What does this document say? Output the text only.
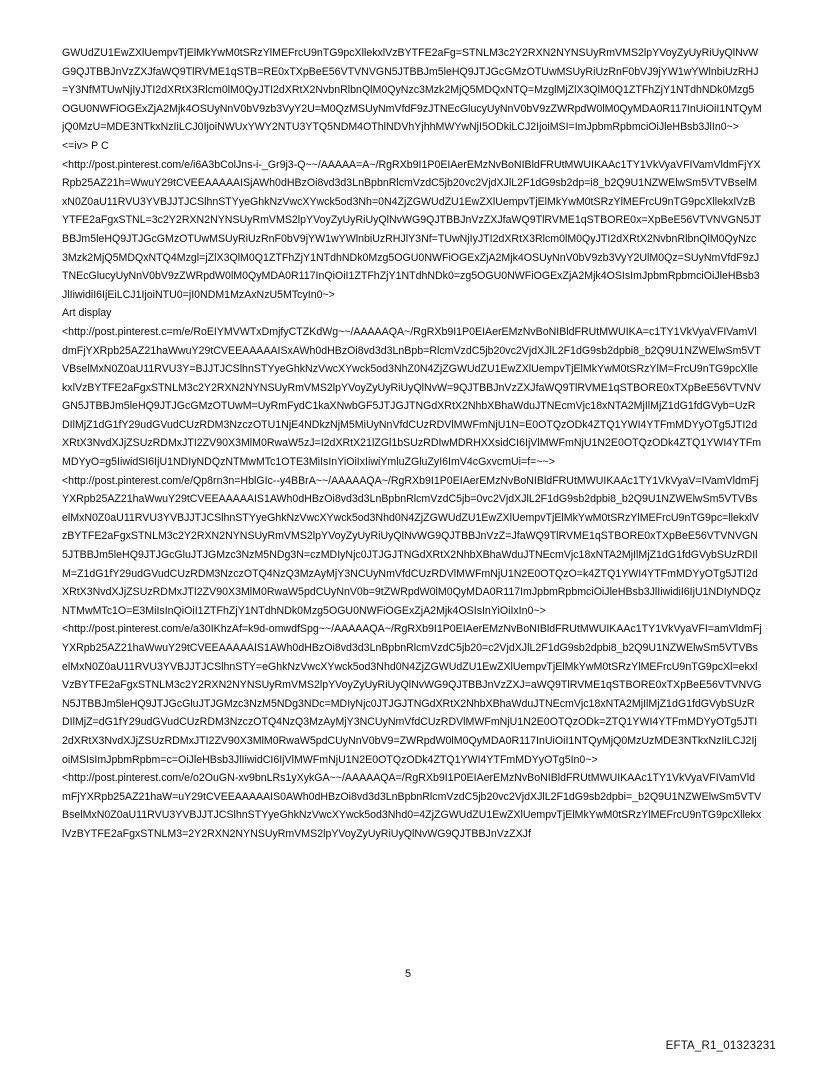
GWUdZU1EwZXlUempvTjElMkYwM0tSRzYlMEFrcU9nTG9pcXllekxlVzBYTFE2aFg=STNLM3c2Y2RXN2NYNSUyRmVMS2lpYVoyZyUyRiUyQlNvWG9QJTBBJnVzZXJfaWQ9TlRVME1qSTB=RE0xTXpBeE56VTVNVGN5JTBBJm5leHQ9JTJGcGMzOTUwMSUyRiUzRnF0bVJ9jYW1wYWlnbiUzRHJ=Y3NfMTUwNjIyJTI2dXRtX3Rlcm0lM0QyJTI2dXRtX2NvbnRlbnQlM0QyNzc3Mzk2MjQ5MDQxNTQ=MzglMjZlX3QlM0Q1ZTFhZjY1NTdhNDk0Mzg5OGU0NWFiOGExZjA2Mjk4OSUyNnV0bV9zb3VyY2U=M0QzMSUyNmVfdF9zJTNEcGlucyUyNnV0bV9zZWRpdW0lM0QyMDA0R117InUiOiI1NTQyMjQ0MzU=MDE3NTkxNzIiLCJ0IjoiNWUxYWY2NTU3YTQ5NDM4OThlNDVhYjhhMWYwNjI5ODkiLCJ2IjoiMSI=ImJpbmRpbmciOiJleHBsb3JlIn0~>

<=iv> P C

<http://post.pinterest.com/e/i6A3bColJns-i-_Gr9j3-Q~~/AAAAA=A~/RgRXb9I1P0EIAerEMzNvBoNIBldFRUtMWUIKAAc1TY1VkVyaVFIVamVldmFjYXRpb25AZ21h=WwuY29tCVEEAAAAAISjAWh0dHBzOi8vd3d3LnBpbnRlcmVzdC5jb20vc2VjdXJlL2F1dG9sb2dp=i8_b2Q9U1NZWElwSm5VTVBselMxN0Z0aU11RVU3YVBJJTJCSlhnSTYyeGhkNzVwcXYwck5od3Nh=0N4ZjZGWUdZU1EwZXlUempvTjElMkYwM0tSRzYlMEFrcU9nTG9pcXllekxlVzBYTFE2aFgxSTNL=3c2Y2RXN2NYNSUyRmVMS2lpYVoyZyUyRiUyQlNvWG9QJTBBJnVzZXJfaWQ9TlRVME1qSTBORE0x=XpBeE56VTVNVGN5JTBBJm5leHQ9JTJGcGMzOTUwMSUyRiUzRnF0bV9jYW1wYWlnbiUzRHJlY3Nf=TUwNjIyJTI2dXRtX3Rlcm0lM0QyJTI2dXRtX2NvbnRlbnQlM0QyNzc3Mzk2MjQ5MDQxNTQ4Mzgl=jZlX3QlM0Q1ZTFhZjY1NTdhNDk0Mzg5OGU0NWFiOGExZjA2Mjk4OSUyNnV0bV9zb3VyY2UlM0Qz=SUyNmVfdF9zJTNEcGlucyUyNnV0bV9zZWRpdW0lM0QyMDA0R117InQiOiI1ZTFhZjY1NTdhNDk0=zg5OGU0NWFiOGExZjA2Mjk4OSIsImJpbmRpbmciOiJleHBsb3JlIiwidiI6IjEiLCJ1IjoiNTU0=jI0NDM1MzAxNzU5MTcyIn0~>

Art display

<http://post.pinterest.c=m/e/RoEIYMVWTxDmjfyCTZKdWg~~/AAAAAQA~/RgRXb9I1P0EIAerEMzNvBoNIBldFRUtMWUIKA=c1TY1VkVyaVFIVamVldmFjYXRpb25AZ21haWwuY29tCVEEAAAAAISxAWh0dHBzOi8vd3d3LnBpb=RlcmVzdC5jb20vc2VjdXJlL2F1dG9sb2dpbi8_b2Q9U1NZWElwSm5VTVBselMxN0Z0aU11RVU3Y=BJJTJCSlhnSTYyeGhkNzVwcXYwck5od3NhZ0N4ZjZGWUdZU1EwZXlUempvTjElMkYwM0tSRzYlM=FrcU9nTG9pcXllekxlVzBYTFE2aFgxSTNLM3c2Y2RXN2NYNSUyRmVMS2lpYVoyZyUyRiUyQlNvW=9QJTBBJnVzZXJfaWQ9TlRVME1qSTBORE0xTXpBeE56VTVNVGN5JTBBJm5leHQ9JTJGcGMzOTUwM=UyRmFydC1kaXNwbGF5JTJGJTNGdXRtX2NhbXBhaWduJTNEcmVjc18xNTA2MjIlMjZ1dG1fdGVyb=UzRDIlMjZ1dG1fY29udGVudCUzRDM3NzczOTU1NjE4NDkzNjM5MiUyNnVfdCUzRDVlMWFmNjU1N=E0OTQzODk4ZTQ1YWI4YTFmMDYyOTg5JTI2dXRtX3NvdXJjZSUzRDMxJTI2ZV90X3MlM0RwaW5zJ=I2dXRtX21lZGl1bSUzRDIwMDRHXXsidCI6IjVlMWFmNjU1N2E0OTQzODk4ZTQ1YWI4YTFmMDYyO=g5IiwidSI6IjU1NDIyNDQzNTMwMTc1OTE3MiIsInYiOiIxIiwiYmluZGluZyI6ImV4cGxvcmUi=f=~~>

<http://post.pinterest.com/e/Qp8rn3n=HblGIc--y4BBrA~~/AAAAAQA~/RgRXb9I1P0EIAerEMzNvBoNIBldFRUtMWUIKAAc1TY1VkVyaV=IVamVldmFjYXRpb25AZ21haWwuY29tCVEEAAAAAIS1AWh0dHBzOi8vd3d3LnBpbnRlcmVzdC5jb=0vc2VjdXJlL2F1dG9sb2dpbi8_b2Q9U1NZWElwSm5VTVBselMxN0Z0aU11RVU3YVBJJTJCSlhnSTYyeGhkNzVwcXYwck5od3Nhd0N4ZjZGWUdZU1EwZXlUempvTjElMkYwM0tSRzYlMEFrcU9nTG9pc=llekxlVzBYTFE2aFgxSTNLM3c2Y2RXN2NYNSUyRmVMS2lpYVoyZyUyRiUyQlNvWG9QJTBBJnVzZ=JfaWQ9TlRVME1qSTBORE0xTXpBeE56VTVNVGN5JTBBJm5leHQ9JTJGcGluJTJGMzc3NzM5NDg3N=czMDIyNjc0JTJGJTNGdXRtX2NhbXBhaWduJTNEcmVjc18xNTA2MjIlMjZ1dG1fdGVybSUzRDIlM=Z1dG1fY29udGVudCUzRDM3NzczOTQ4NzQ3MzAyMjY3NCUyNmVfdCUzRDVlMWFmNjU1N2E0OTQzO=k4ZTQ1YWI4YTFmMDYyOTg5JTI2dXRtX3NvdXJjZSUzRDMxJTI2ZV90X3MlM0RwaW5pdCUyNnV0b=9tZWRpdW0lM0QyMDA0R117ImJpbmRpbmciOiJleHBsb3JlIiwidiI6IjU1NDIyNDQzNTMwMTc1O=E3MiIsInQiOiI1ZTFhZjY1NTdhNDk0Mzg5OGU0NWFiOGExZjA2Mjk4OSIsInYiOiIxIn0~>

<http://post.pinterest.com/e/a30IKhzAf=k9d-omwdfSpg~~/AAAAAQA~/RgRXb9I1P0EIAerEMzNvBoNIBldFRUtMWUIKAAc1TY1VkVyaVFI=amVldmFjYXRpb25AZ21haWwuY29tCVEEAAAAAIS1AWh0dHBzOi8vd3d3LnBpbnRlcmVzdC5jb20=c2VjdXJlL2F1dG9sb2dpbi8_b2Q9U1NZWElwSm5VTVBselMxN0Z0aU11RVU3YVBJJTJCSlhnSTY=eGhkNzVwcXYwck5od3Nhd0N4ZjZGWUdZU1EwZXlUempvTjElMkYwM0tSRzYlMEFrcU9nTG9pcXl=ekxlVzBYTFE2aFgxSTNLM3c2Y2RXN2NYNSUyRmVMS2lpYVoyZyUyRiUyQlNvWG9QJTBBJnVzZXJ=aWQ9TlRVME1qSTBORE0xTXpBeE56VTVNVGN5JTBBJm5leHQ9JTJGcGluJTJGMzc3NzM5NDg3NDc=MDIyNjc0JTJGJTNGdXRtX2NhbXBhaWduJTNEcmVjc18xNTA2MjIlMjZ1dG1fdGVybSUzRDIlMjZ=dG1fY29udGVudCUzRDM3NzczOTQ4NzQ3MzAyMjY3NCUyNmVfdCUzRDVlMWFmNjU1N2E0OTQzODk=ZTQ1YWI4YTFmMDYyOTg5JTI2dXRtX3NvdXJjZSUzRDMxJTI2ZV90X3MlM0RwaW5pdCUyNnV0bV9=ZWRpdW0lM0QyMDA0R117InUiOiI1NTQyMjQ0MzUzMDE3NTkxNzIiLCJ2IjoiMSIsImJpbmRpbm=c=OiJleHBsb3JlIiwidCI6IjVlMWFmNjU1N2E0OTQzODk4ZTQ1YWI4YTFmMDYyOTg5In0~>

<http://post.pinterest.com/e/o2OuGN-xv9bnLRs1yXykGA~~/AAAAAQA=/RgRXb9I1P0EIAerEMzNvBoNIBldFRUtMWUIKAAc1TY1VkVyaVFIVamVldmFjYXRpb25AZ21haW=uY29tCVEEAAAAAIS0AWh0dHBzOi8vd3d3LnBpbnRlcmVzdC5jb20vc2VjdXJlL2F1dG9sb2dpbi=_b2Q9U1NZWElwSm5VTVBselMxN0Z0aU11RVU3YVBJJTJCSlhnSTYyeGhkNzVwcXYwck5od3Nhd0=4ZjZGWUdZU1EwZXlUempvTjElMkYwM0tSRzYlMEFrcU9nTG9pcXllekxlVzBYTFE2aFgxSTNLM3=2Y2RXN2NYNSUyRmVMS2lpYVoyZyUyRiUyQlNvWG9QJTBBJnVzZXJf

5
EFTA_R1_01323231
